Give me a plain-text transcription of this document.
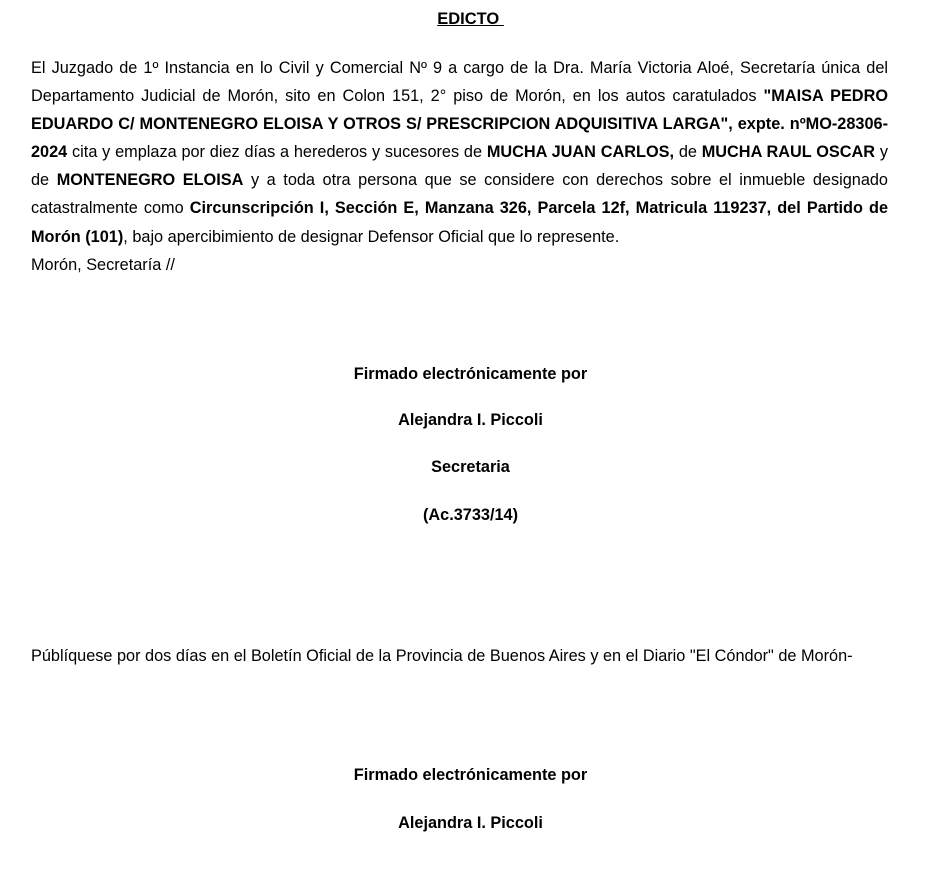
EDICTO

El Juzgado de 1º Instancia en lo Civil y Comercial Nº 9 a cargo de la Dra. María Victoria Aloé, Secretaría única del Departamento Judicial de Morón, sito en Colon 151, 2° piso de Morón, en los autos caratulados "MAISA PEDRO EDUARDO C/ MONTENEGRO ELOISA Y OTROS S/ PRESCRIPCION ADQUISITIVA LARGA", expte. nºMO-28306-2024 cita y emplaza por diez días a herederos y sucesores de MUCHA JUAN CARLOS, de MUCHA RAUL OSCAR y de MONTENEGRO ELOISA y a toda otra persona que se considere con derechos sobre el inmueble designado catastralmente como Circunscripción I, Sección E, Manzana 326, Parcela 12f, Matricula 119237, del Partido de Morón (101), bajo apercibimiento de designar Defensor Oficial que lo represente.
Morón, Secretaría //

Firmado electrónicamente por
Alejandra I. Piccoli
Secretaria
(Ac.3733/14)

Públíquese por dos días en el Boletín Oficial de la Provincia de Buenos Aires y en el Diario "El Cóndor" de Morón-

Firmado electrónicamente por
Alejandra I. Piccoli
